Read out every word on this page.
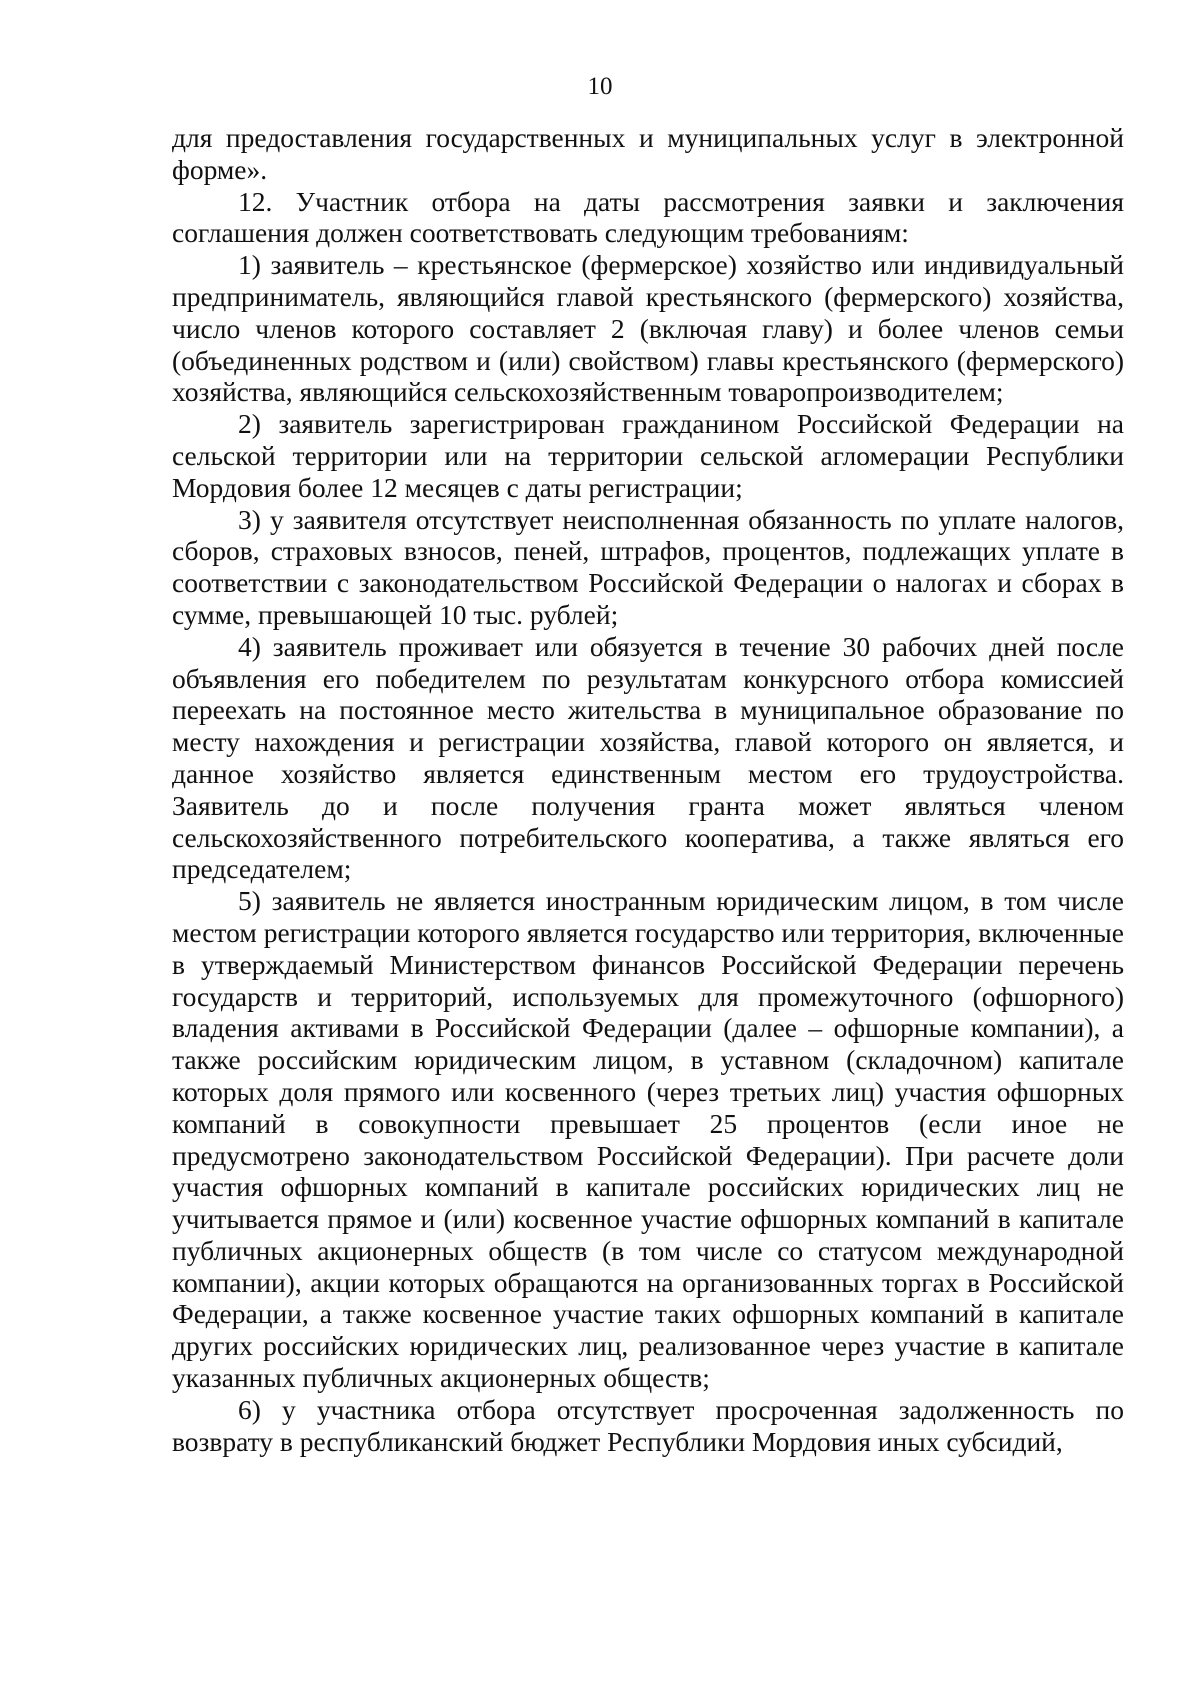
10

для предоставления государственных и муниципальных услуг в электронной форме».

12. Участник отбора на даты рассмотрения заявки и заключения соглашения должен соответствовать следующим требованиям:

1) заявитель – крестьянское (фермерское) хозяйство или индивидуальный предприниматель, являющийся главой крестьянского (фермерского) хозяйства, число членов которого составляет 2 (включая главу) и более членов семьи (объединенных родством и (или) свойством) главы крестьянского (фермерского) хозяйства, являющийся сельскохозяйственным товаропроизводителем;

2) заявитель зарегистрирован гражданином Российской Федерации на сельской территории или на территории сельской агломерации Республики Мордовия более 12 месяцев с даты регистрации;

3) у заявителя отсутствует неисполненная обязанность по уплате налогов, сборов, страховых взносов, пеней, штрафов, процентов, подлежащих уплате в соответствии с законодательством Российской Федерации о налогах и сборах в сумме, превышающей 10 тыс. рублей;

4) заявитель проживает или обязуется в течение 30 рабочих дней после объявления его победителем по результатам конкурсного отбора комиссией переехать на постоянное место жительства в муниципальное образование по месту нахождения и регистрации хозяйства, главой которого он является, и данное хозяйство является единственным местом его трудоустройства. Заявитель до и после получения гранта может являться членом сельскохозяйственного потребительского кооператива, а также являться его председателем;

5) заявитель не является иностранным юридическим лицом, в том числе местом регистрации которого является государство или территория, включенные в утверждаемый Министерством финансов Российской Федерации перечень государств и территорий, используемых для промежуточного (офшорного) владения активами в Российской Федерации (далее – офшорные компании), а также российским юридическим лицом, в уставном (складочном) капитале которых доля прямого или косвенного (через третьих лиц) участия офшорных компаний в совокупности превышает 25 процентов (если иное не предусмотрено законодательством Российской Федерации). При расчете доли участия офшорных компаний в капитале российских юридических лиц не учитывается прямое и (или) косвенное участие офшорных компаний в капитале публичных акционерных обществ (в том числе со статусом международной компании), акции которых обращаются на организованных торгах в Российской Федерации, а также косвенное участие таких офшорных компаний в капитале других российских юридических лиц, реализованное через участие в капитале указанных публичных акционерных обществ;

6) у участника отбора отсутствует просроченная задолженность по возврату в республиканский бюджет Республики Мордовия иных субсидий,
